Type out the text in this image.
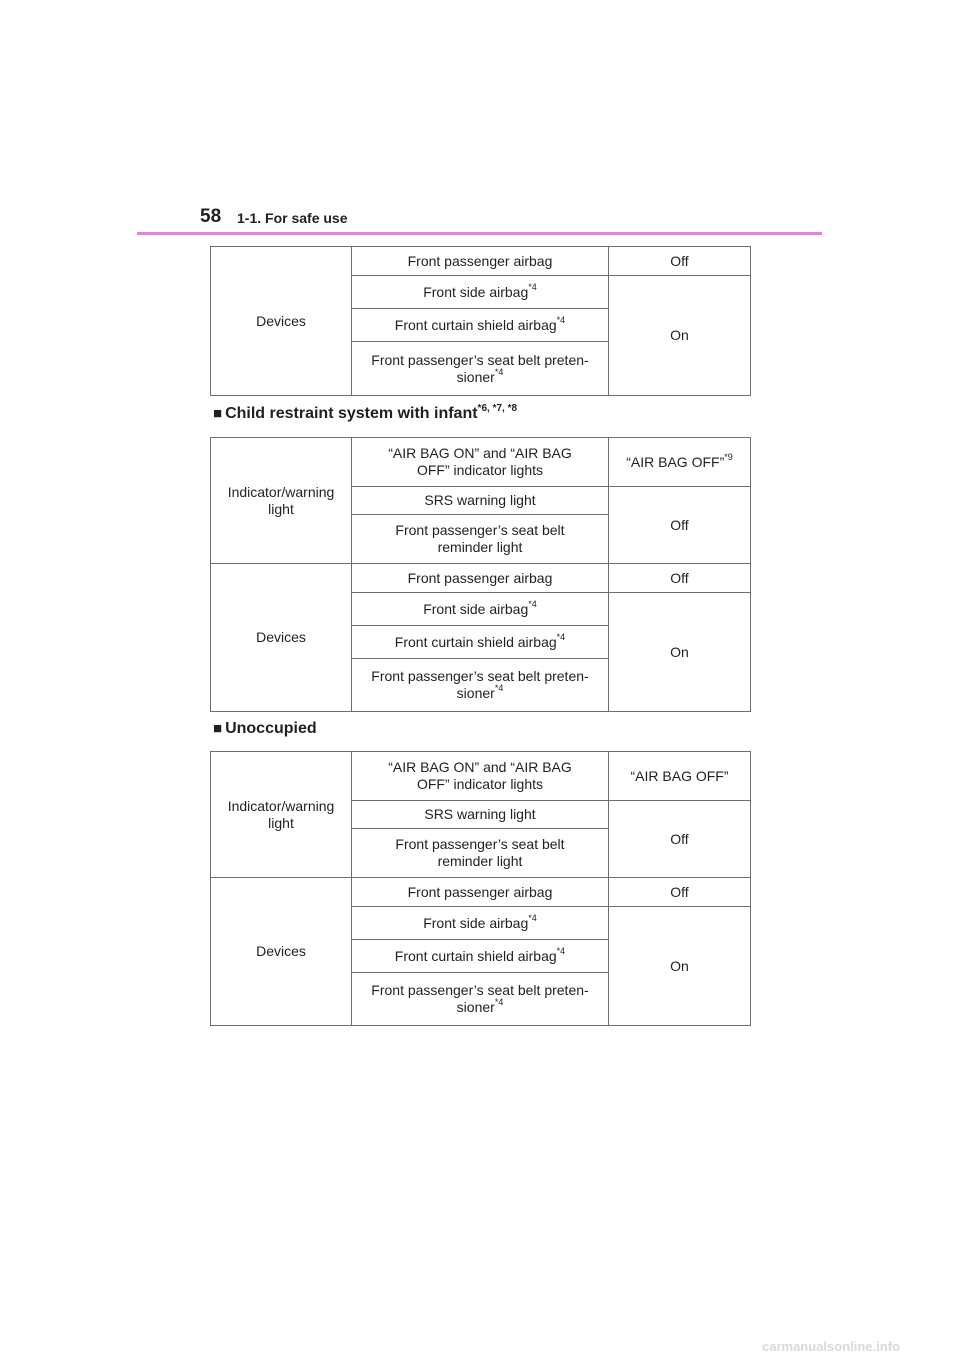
58 1-1. For safe use
Devices	Front passenger airbag	Off
	Front side airbag$^{*4}$	On
	Front curtain shield airbag$^{*4}$
	Front passenger’s seat belt preten-
sioner$^{*4}$
■ Child restraint system with infant$^{*6, *7, *8}$
Indicator/warning
light	“AIR BAG ON” and “AIR BAG
OFF” indicator lights	“AIR BAG OFF”$^{*9}$
	SRS warning light	Off
	Front passenger’s seat belt
reminder light	
Devices	Front passenger airbag	Off
	Front side airbag$^{*4}$	On
	Front curtain shield airbag$^{*4}$
	Front passenger’s seat belt preten-
sioner$^{*4}$
■ Unoccupied
Indicator/warning
light	“AIR BAG ON” and “AIR BAG
OFF” indicator lights	“AIR BAG OFF”
	SRS warning light	Off
	Front passenger’s seat belt
reminder light	
Devices	Front passenger airbag	Off
	Front side airbag$^{*4}$	On
	Front curtain shield airbag$^{*4}$
	Front passenger’s seat belt preten-
sioner$^{*4}$
carmanualsonline.info
